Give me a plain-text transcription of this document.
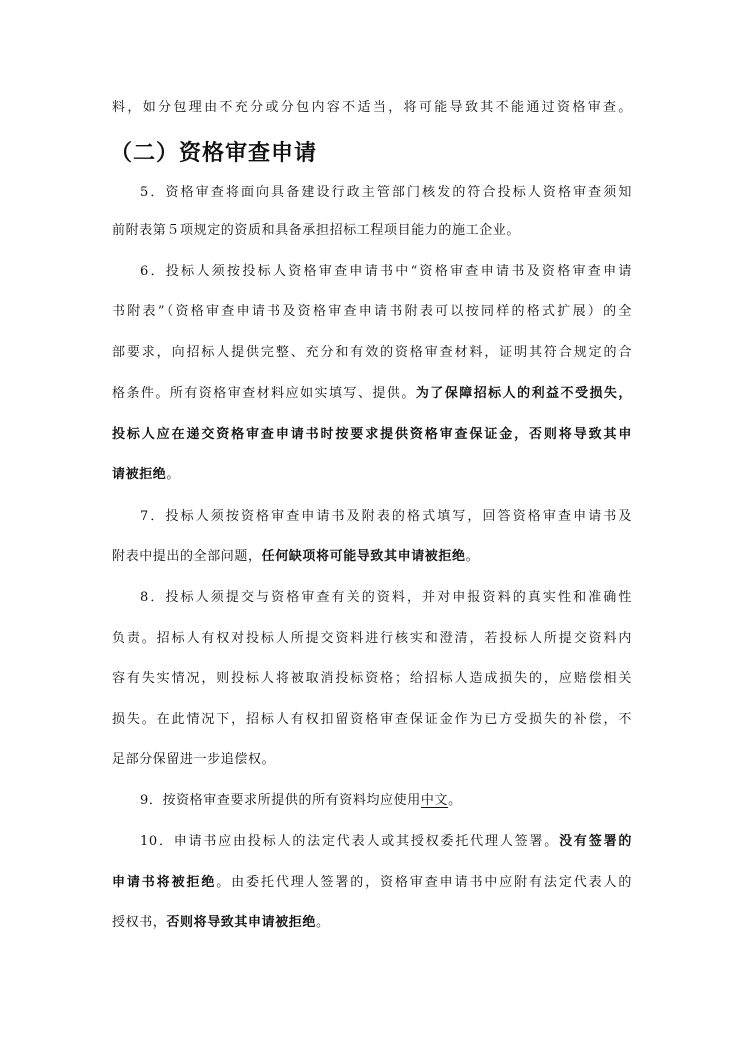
料，如分包理由不充分或分包内容不适当，将可能导致其不能通过资格审查。
（二）资格审查申请
5．资格审查将面向具备建设行政主管部门核发的符合投标人资格审查须知
前附表第５项规定的资质和具备承担招标工程项目能力的施工企业。
6．投标人须按投标人资格审查申请书中“资格审查申请书及资格审查申请
书附表”（资格审查申请书及资格审查申请书附表可以按同样的格式扩展）的全
部要求，向招标人提供完整、充分和有效的资格审查材料，证明其符合规定的合
格条件。所有资格审查材料应如实填写、提供。为了保障招标人的利益不受损失，
投标人应在递交资格审查申请书时按要求提供资格审查保证金，否则将导致其申
请被拒绝。
7．投标人须按资格审查申请书及附表的格式填写，回答资格审查申请书及
附表中提出的全部问题，任何缺项将可能导致其申请被拒绝。
8．投标人须提交与资格审查有关的资料，并对申报资料的真实性和准确性
负责。招标人有权对投标人所提交资料进行核实和澄清，若投标人所提交资料内
容有失实情况，则投标人将被取消投标资格；给招标人造成损失的，应赔偿相关
损失。在此情况下，招标人有权扣留资格审查保证金作为已方受损失的补偿，不
足部分保留进一步追偿权。
9．按资格审查要求所提供的所有资料均应使用中文。
10．申请书应由投标人的法定代表人或其授权委托代理人签署。没有签署的
申请书将被拒绝。由委托代理人签署的，资格审查申请书中应附有法定代表人的
授权书，否则将导致其申请被拒绝。
